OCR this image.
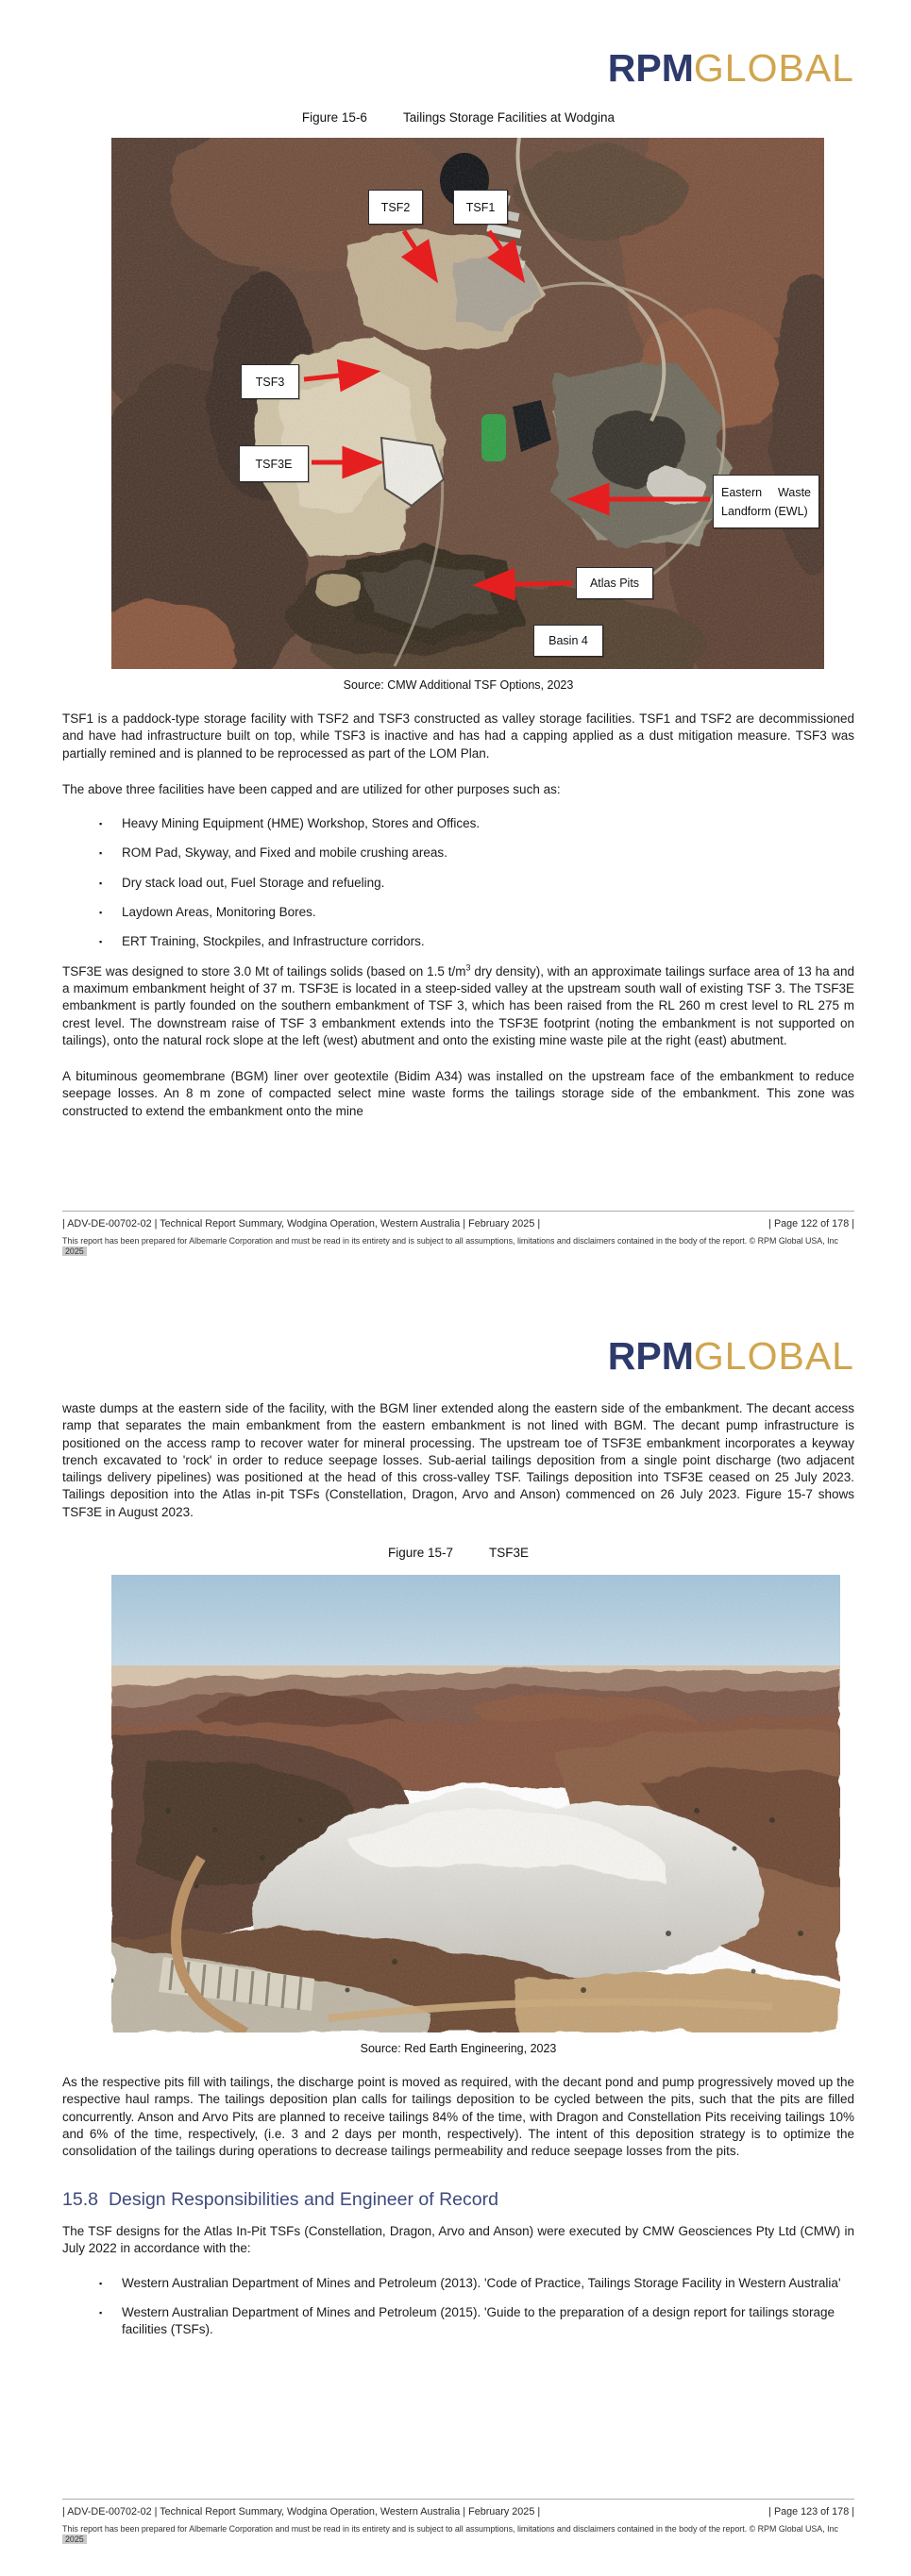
RPMGLOBAL
Figure 15-6	Tailings Storage Facilities at Wodgina
TSF2	TSF1
TSF3
TSF3E
Eastern Waste
Landform (EWL)
Atlas Pits
Basin 4
Source: CMW Additional TSF Options, 2023

TSF1 is a paddock-type storage facility with TSF2 and TSF3 constructed as valley storage facilities. TSF1 and TSF2 are decommissioned and have had infrastructure built on top, while TSF3 is inactive and has had a capping applied as a dust mitigation measure. TSF3 was partially remined and is planned to be reprocessed as part of the LOM Plan.

The above three facilities have been capped and are utilized for other purposes such as:

▪	Heavy Mining Equipment (HME) Workshop, Stores and Offices.
▪	ROM Pad, Skyway, and Fixed and mobile crushing areas.
▪	Dry stack load out, Fuel Storage and refueling.
▪	Laydown Areas, Monitoring Bores.
▪	ERT Training, Stockpiles, and Infrastructure corridors.

TSF3E was designed to store 3.0 Mt of tailings solids (based on 1.5 $t/m^3$ dry density), with an approximate tailings surface area of 13 ha and a maximum embankment height of 37 m. TSF3E is located in a steep-sided valley at the upstream south wall of existing TSF 3. The TSF3E embankment is partly founded on the southern embankment of TSF 3, which has been raised from the RL 260 m crest level to RL 275 m crest level. The downstream raise of TSF 3 embankment extends into the TSF3E footprint (noting the embankment is not supported on tailings), onto the natural rock slope at the left (west) abutment and onto the existing mine waste pile at the right (east) abutment.

A bituminous geomembrane (BGM) liner over geotextile (Bidim A34) was installed on the upstream face of the embankment to reduce seepage losses. An 8 m zone of compacted select mine waste forms the tailings storage side of the embankment. This zone was constructed to extend the embankment onto the mine

| ADV-DE-00702-02 | Technical Report Summary, Wodgina Operation, Western Australia | February 2025 |	| Page 122 of 178 |
This report has been prepared for Albemarle Corporation and must be read in its entirety and is subject to all assumptions, limitations and disclaimers contained in the body of the report. © RPM Global USA, Inc 2025
RPMGLOBAL

waste dumps at the eastern side of the facility, with the BGM liner extended along the eastern side of the embankment. The decant access ramp that separates the main embankment from the eastern embankment is not lined with BGM. The decant pump infrastructure is positioned on the access ramp to recover water for mineral processing. The upstream toe of TSF3E embankment incorporates a keyway trench excavated to 'rock' in order to reduce seepage losses. Sub-aerial tailings deposition from a single point discharge (two adjacent tailings delivery pipelines) was positioned at the head of this cross-valley TSF. Tailings deposition into TSF3E ceased on 25 July 2023. Tailings deposition into the Atlas in-pit TSFs (Constellation, Dragon, Arvo and Anson) commenced on 26 July 2023. Figure 15-7 shows TSF3E in August 2023.

Figure 15-7	TSF3E
Source: Red Earth Engineering, 2023

As the respective pits fill with tailings, the discharge point is moved as required, with the decant pond and pump progressively moved up the respective haul ramps. The tailings deposition plan calls for tailings deposition to be cycled between the pits, such that the pits are filled concurrently. Anson and Arvo Pits are planned to receive tailings 84% of the time, with Dragon and Constellation Pits receiving tailings 10% and 6% of the time, respectively, (i.e. 3 and 2 days per month, respectively). The intent of this deposition strategy is to optimize the consolidation of the tailings during operations to decrease tailings permeability and reduce seepage losses from the pits.

15.8 Design Responsibilities and Engineer of Record

The TSF designs for the Atlas In-Pit TSFs (Constellation, Dragon, Arvo and Anson) were executed by CMW Geosciences Pty Ltd (CMW) in July 2022 in accordance with the:

▪	Western Australian Department of Mines and Petroleum (2013). 'Code of Practice, Tailings Storage Facility in Western Australia'
▪	Western Australian Department of Mines and Petroleum (2015). 'Guide to the preparation of a design report for tailings storage facilities (TSFs).
| ADV-DE-00702-02 | Technical Report Summary, Wodgina Operation, Western Australia | February 2025 |	| Page 123 of 178 |
This report has been prepared for Albemarle Corporation and must be read in its entirety and is subject to all assumptions, limitations and disclaimers contained in the body of the report. © RPM Global USA, Inc 2025
